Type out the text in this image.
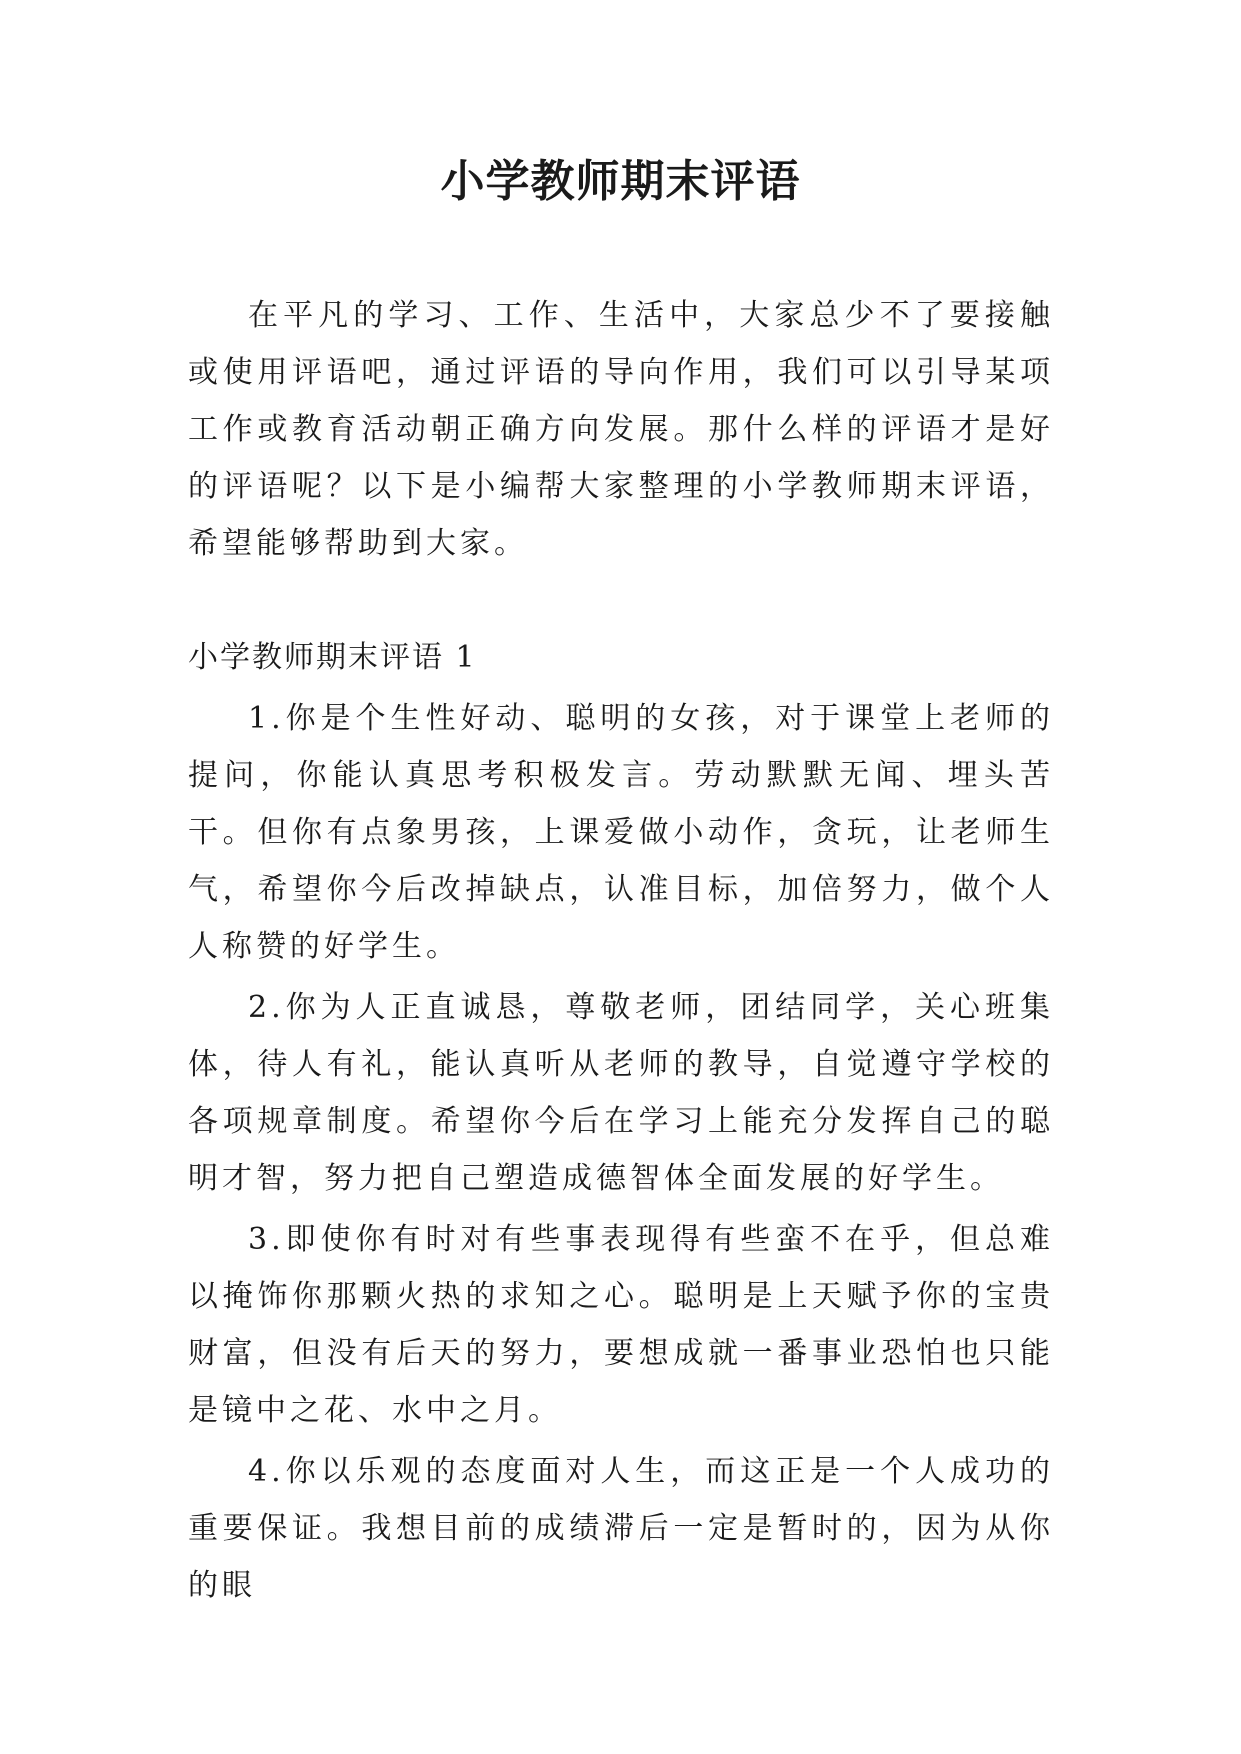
小学教师期末评语

在平凡的学习、工作、生活中，大家总少不了要接触或使用评语吧，通过评语的导向作用，我们可以引导某项工作或教育活动朝正确方向发展。那什么样的评语才是好的评语呢？以下是小编帮大家整理的小学教师期末评语，希望能够帮助到大家。

小学教师期末评语 1

1.你是个生性好动、聪明的女孩，对于课堂上老师的提问，你能认真思考积极发言。劳动默默无闻、埋头苦干。但你有点象男孩，上课爱做小动作，贪玩，让老师生气，希望你今后改掉缺点，认准目标，加倍努力，做个人人称赞的好学生。

2.你为人正直诚恳，尊敬老师，团结同学，关心班集体，待人有礼，能认真听从老师的教导，自觉遵守学校的各项规章制度。希望你今后在学习上能充分发挥自己的聪明才智，努力把自己塑造成德智体全面发展的好学生。

3.即使你有时对有些事表现得有些蛮不在乎，但总难以掩饰你那颗火热的求知之心。聪明是上天赋予你的宝贵财富，但没有后天的努力，要想成就一番事业恐怕也只能是镜中之花、水中之月。

4.你以乐观的态度面对人生，而这正是一个人成功的重要保证。我想目前的成绩滞后一定是暂时的，因为从你的眼
